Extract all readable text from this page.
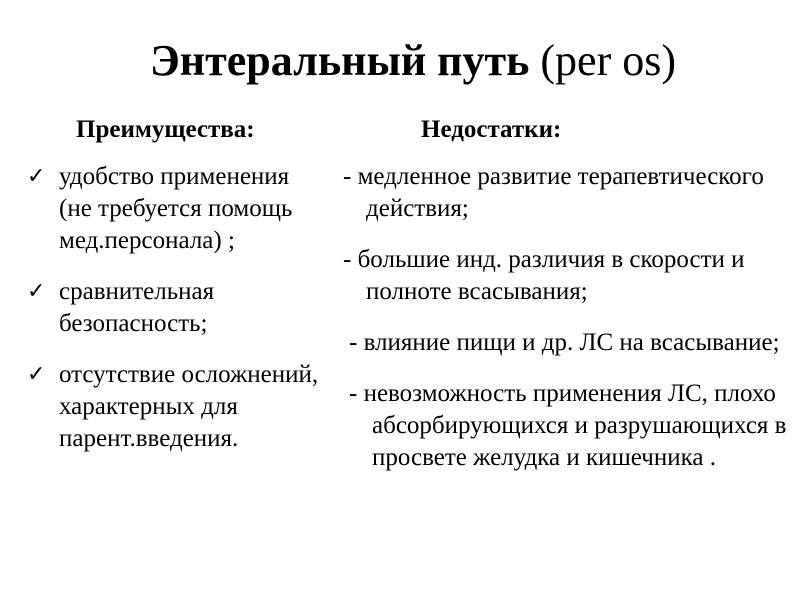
Энтеральный путь (per os)
Преимущества:	Недостатки:
✓ удобство применения (не требуется помощь мед.персонала) ;
✓ сравнительная безопасность;
✓ отсутствие осложнений, характерных для парент.введения.
- медленное развитие терапевтического действия;
- большие инд. различия в скорости и полноте всасывания;
- влияние пищи и др. ЛС на всасывание;
- невозможность применения ЛС, плохо абсорбирующихся и разрушающихся в просвете желудка и кишечника .
